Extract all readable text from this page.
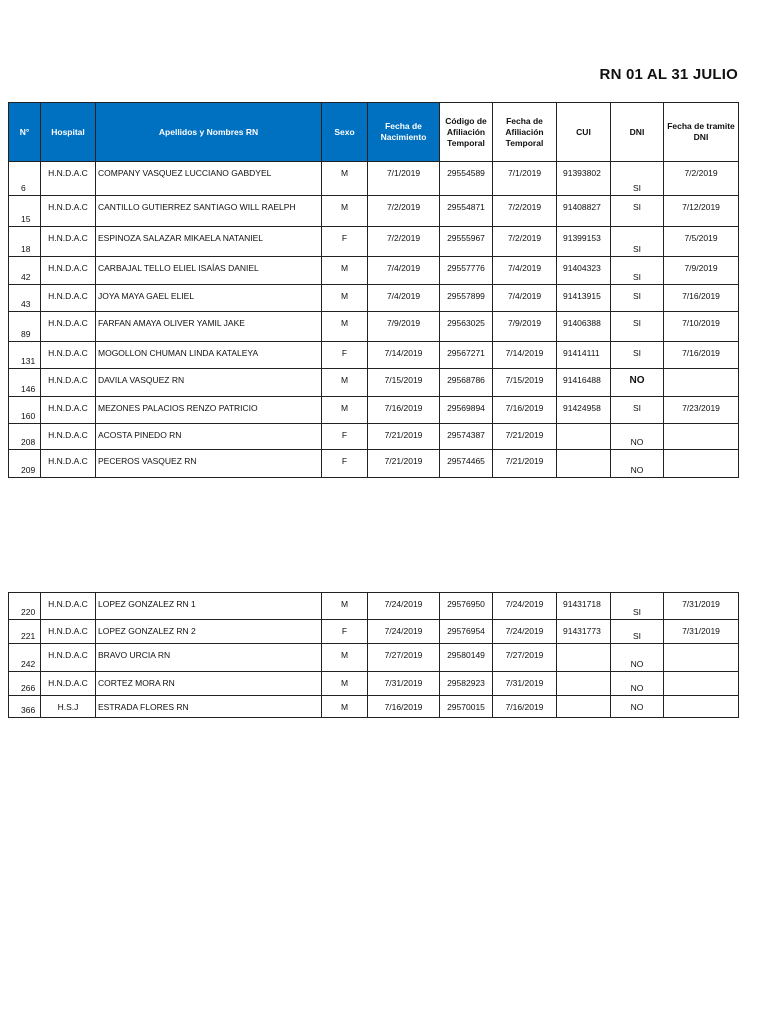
RN 01 AL 31 JULIO
N°	Hospital	Apellidos y Nombres RN	Sexo	Fecha de Nacimiento	Código de Afiliación Temporal	Fecha de Afiliación Temporal	CUI	DNI	Fecha de tramite DNI
6	H.N.D.A.C	COMPANY VASQUEZ LUCCIANO GABDYEL	M	7/1/2019	29554589	7/1/2019	91393802	SI	7/2/2019
15	H.N.D.A.C	CANTILLO GUTIERREZ SANTIAGO WILL RAELPH	M	7/2/2019	29554871	7/2/2019	91408827	SI	7/12/2019
18	H.N.D.A.C	ESPINOZA SALAZAR MIKAELA NATANIEL	F	7/2/2019	29555967	7/2/2019	91399153	SI	7/5/2019
42	H.N.D.A.C	CARBAJAL TELLO ELIEL ISAÍAS DANIEL	M	7/4/2019	29557776	7/4/2019	91404323	SI	7/9/2019
43	H.N.D.A.C	JOYA MAYA GAEL ELIEL	M	7/4/2019	29557899	7/4/2019	91413915	SI	7/16/2019
89	H.N.D.A.C	FARFAN AMAYA OLIVER YAMIL JAKE	M	7/9/2019	29563025	7/9/2019	91406388	SI	7/10/2019
131	H.N.D.A.C	MOGOLLON CHUMAN LINDA KATALEYA	F	7/14/2019	29567271	7/14/2019	91414111	SI	7/16/2019
146	H.N.D.A.C	DAVILA VASQUEZ RN	M	7/15/2019	29568786	7/15/2019	91416488	NO	
160	H.N.D.A.C	MEZONES PALACIOS RENZO PATRICIO	M	7/16/2019	29569894	7/16/2019	91424958	SI	7/23/2019
208	H.N.D.A.C	ACOSTA PINEDO RN	F	7/21/2019	29574387	7/21/2019		NO	
209	H.N.D.A.C	PECEROS VASQUEZ RN	F	7/21/2019	29574465	7/21/2019		NO	
220	H.N.D.A.C	LOPEZ GONZALEZ RN 1	M	7/24/2019	29576950	7/24/2019	91431718	SI	7/31/2019
221	H.N.D.A.C	LOPEZ GONZALEZ RN 2	F	7/24/2019	29576954	7/24/2019	91431773	SI	7/31/2019
242	H.N.D.A.C	BRAVO URCIA RN	M	7/27/2019	29580149	7/27/2019		NO	
266	H.N.D.A.C	CORTEZ MORA RN	M	7/31/2019	29582923	7/31/2019		NO	
366	H.S.J	ESTRADA FLORES RN	M	7/16/2019	29570015	7/16/2019		NO	
